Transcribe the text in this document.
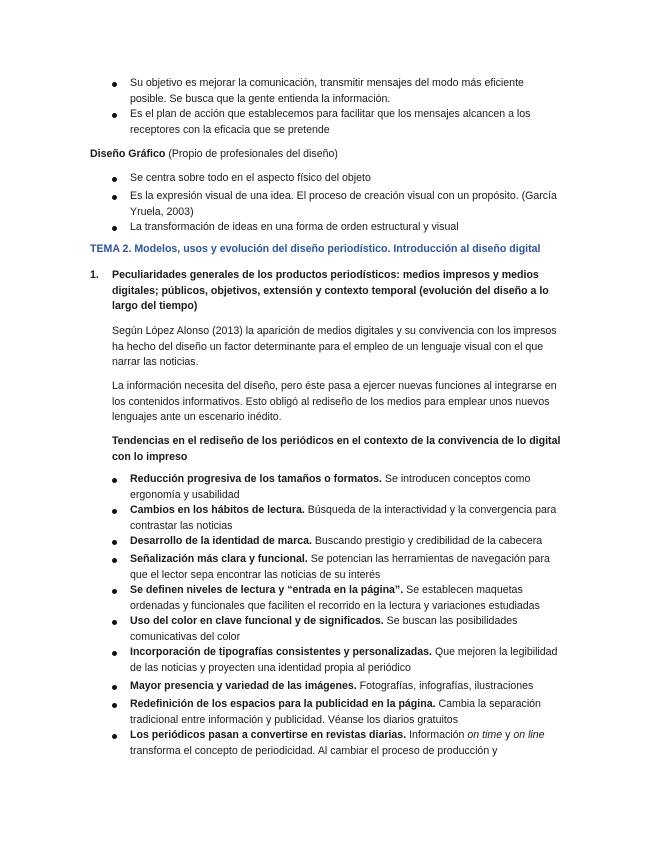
Su objetivo es mejorar la comunicación, transmitir mensajes del modo más eficiente posible. Se busca que la gente entienda la información.
Es el plan de acción que establecemos para facilitar que los mensajes alcancen a los receptores con la eficacia que se pretende
Diseño Gráfico (Propio de profesionales del diseño)
Se centra sobre todo en el aspecto físico del objeto
Es la expresión visual de una idea. El proceso de creación visual con un propósito. (García Yruela, 2003)
La transformación de ideas en una forma de orden estructural y visual
TEMA 2. Modelos, usos y evolución del diseño periodístico. Introducción al diseño digital
1. Peculiaridades generales de los productos periodísticos: medios impresos y medios digitales; públicos, objetivos, extensión y contexto temporal (evolución del diseño a lo largo del tiempo)
Según López Alonso (2013) la aparición de medios digitales y su convivencia con los impresos ha hecho del diseño un factor determinante para el empleo de un lenguaje visual con el que narrar las noticias.
La información necesita del diseño, pero éste pasa a ejercer nuevas funciones al integrarse en los contenidos informativos. Esto obligó al rediseño de los medios para emplear unos nuevos lenguajes ante un escenario inédito.
Tendencias en el rediseño de los periódicos en el contexto de la convivencia de lo digital con lo impreso
Reducción progresiva de los tamaños o formatos. Se introducen conceptos como ergonomía y usabilidad
Cambios en los hábitos de lectura. Búsqueda de la interactividad y la convergencia para contrastar las noticias
Desarrollo de la identidad de marca. Buscando prestigio y credibilidad de la cabecera
Señalización más clara y funcional. Se potencian las herramientas de navegación para que el lector sepa encontrar las noticias de su interés
Se definen niveles de lectura y “entrada en la página”. Se establecen maquetas ordenadas y funcionales que faciliten el recorrido en la lectura y variaciones estudiadas
Uso del color en clave funcional y de significados. Se buscan las posibilidades comunicativas del color
Incorporación de tipografías consistentes y personalizadas. Que mejoren la legibilidad de las noticias y proyecten una identidad propia al periódico
Mayor presencia y variedad de las imágenes. Fotografías, infografías, ilustraciones
Redefinición de los espacios para la publicidad en la página. Cambia la separación tradicional entre información y publicidad. Véanse los diarios gratuitos
Los periódicos pasan a convertirse en revistas diarias. Información on time y on line transforma el concepto de periodicidad. Al cambiar el proceso de producción y
